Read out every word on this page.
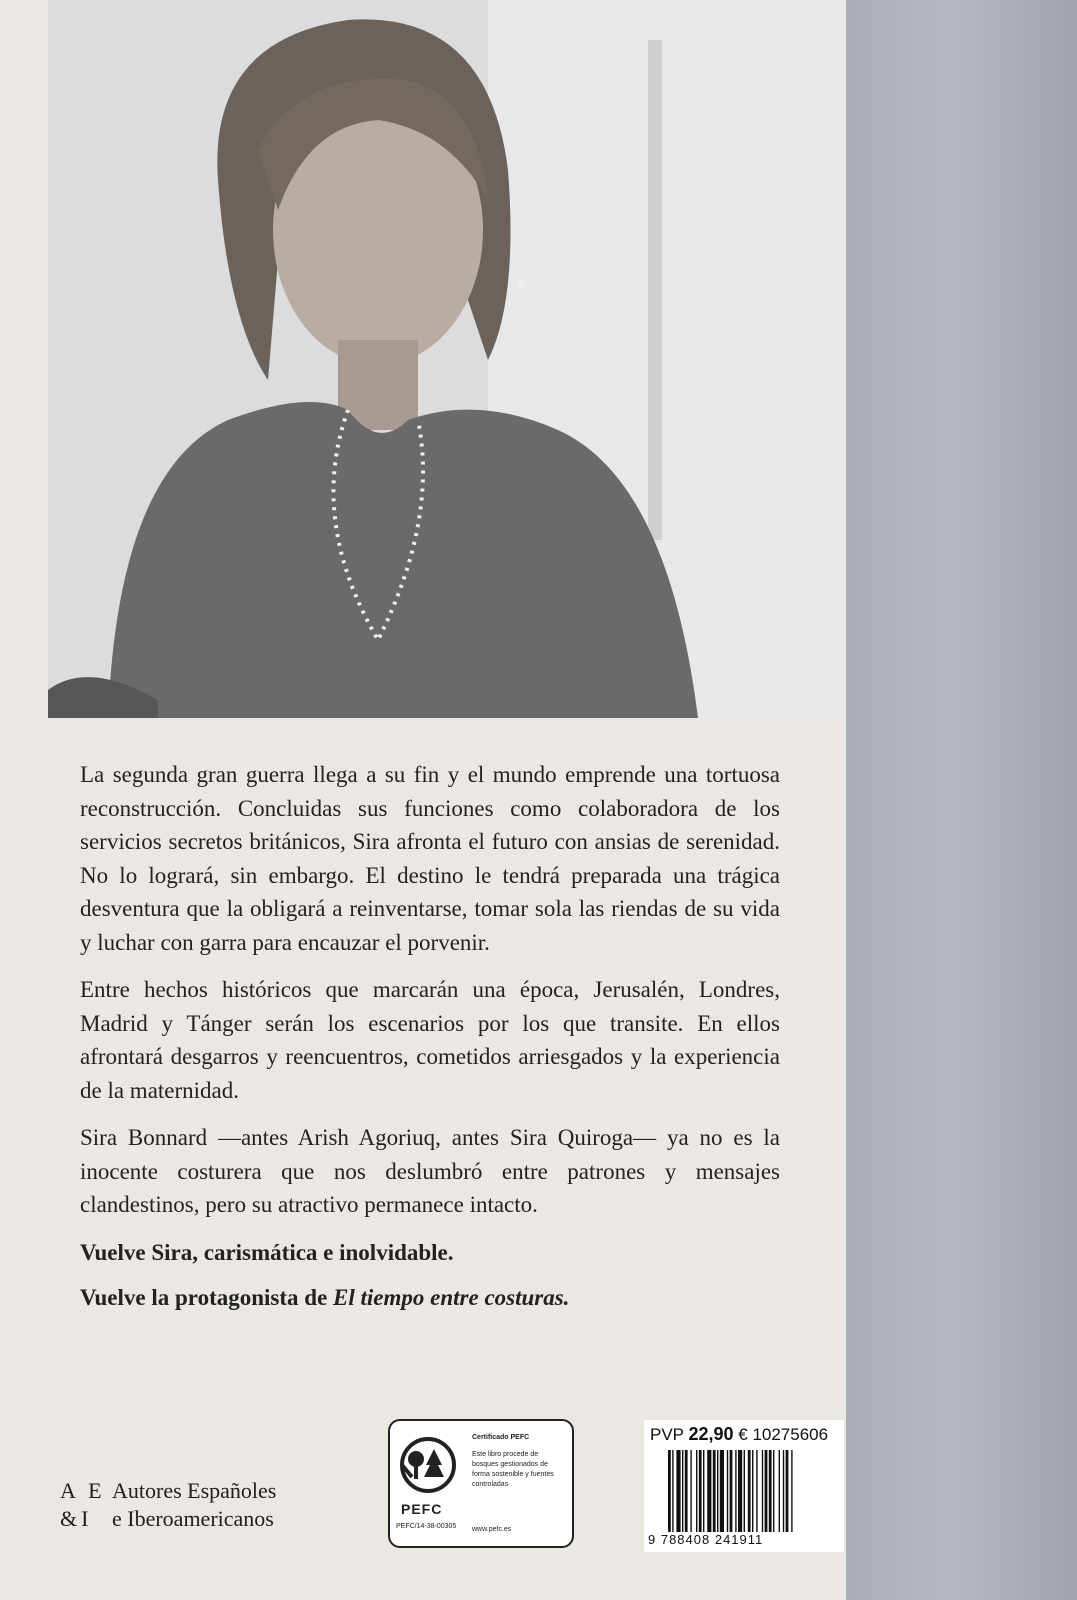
La segunda gran guerra llega a su fin y el mundo emprende una tortuosa reconstrucción. Concluidas sus funciones como colaboradora de los servicios secretos británicos, Sira afronta el futuro con ansias de serenidad. No lo logrará, sin embargo. El destino le tendrá preparada una trágica desventura que la obligará a reinventarse, tomar sola las riendas de su vida y luchar con garra para encauzar el porvenir.

Entre hechos históricos que marcarán una época, Jerusalén, Londres, Madrid y Tánger serán los escenarios por los que transite. En ellos afrontará desgarros y reencuentros, cometidos arriesgados y la experiencia de la maternidad.

Sira Bonnard —antes Arish Agoriuq, antes Sira Quiroga— ya no es la inocente costurera que nos deslumbró entre patrones y mensajes clandestinos, pero su atractivo permanece intacto.

Vuelve Sira, carismática e inolvidable.

Vuelve la protagonista de El tiempo entre costuras.

A E
&I
Autores Españoles
e Iberoamericanos	PEFC
PEFC/14-38-00305
Certificado PEFC
Este libro procede de bosques gestionados de forma sostenible y fuentes controladas
www.pefc.es
PVP 22,90 € 10275606
9 788408 241911
